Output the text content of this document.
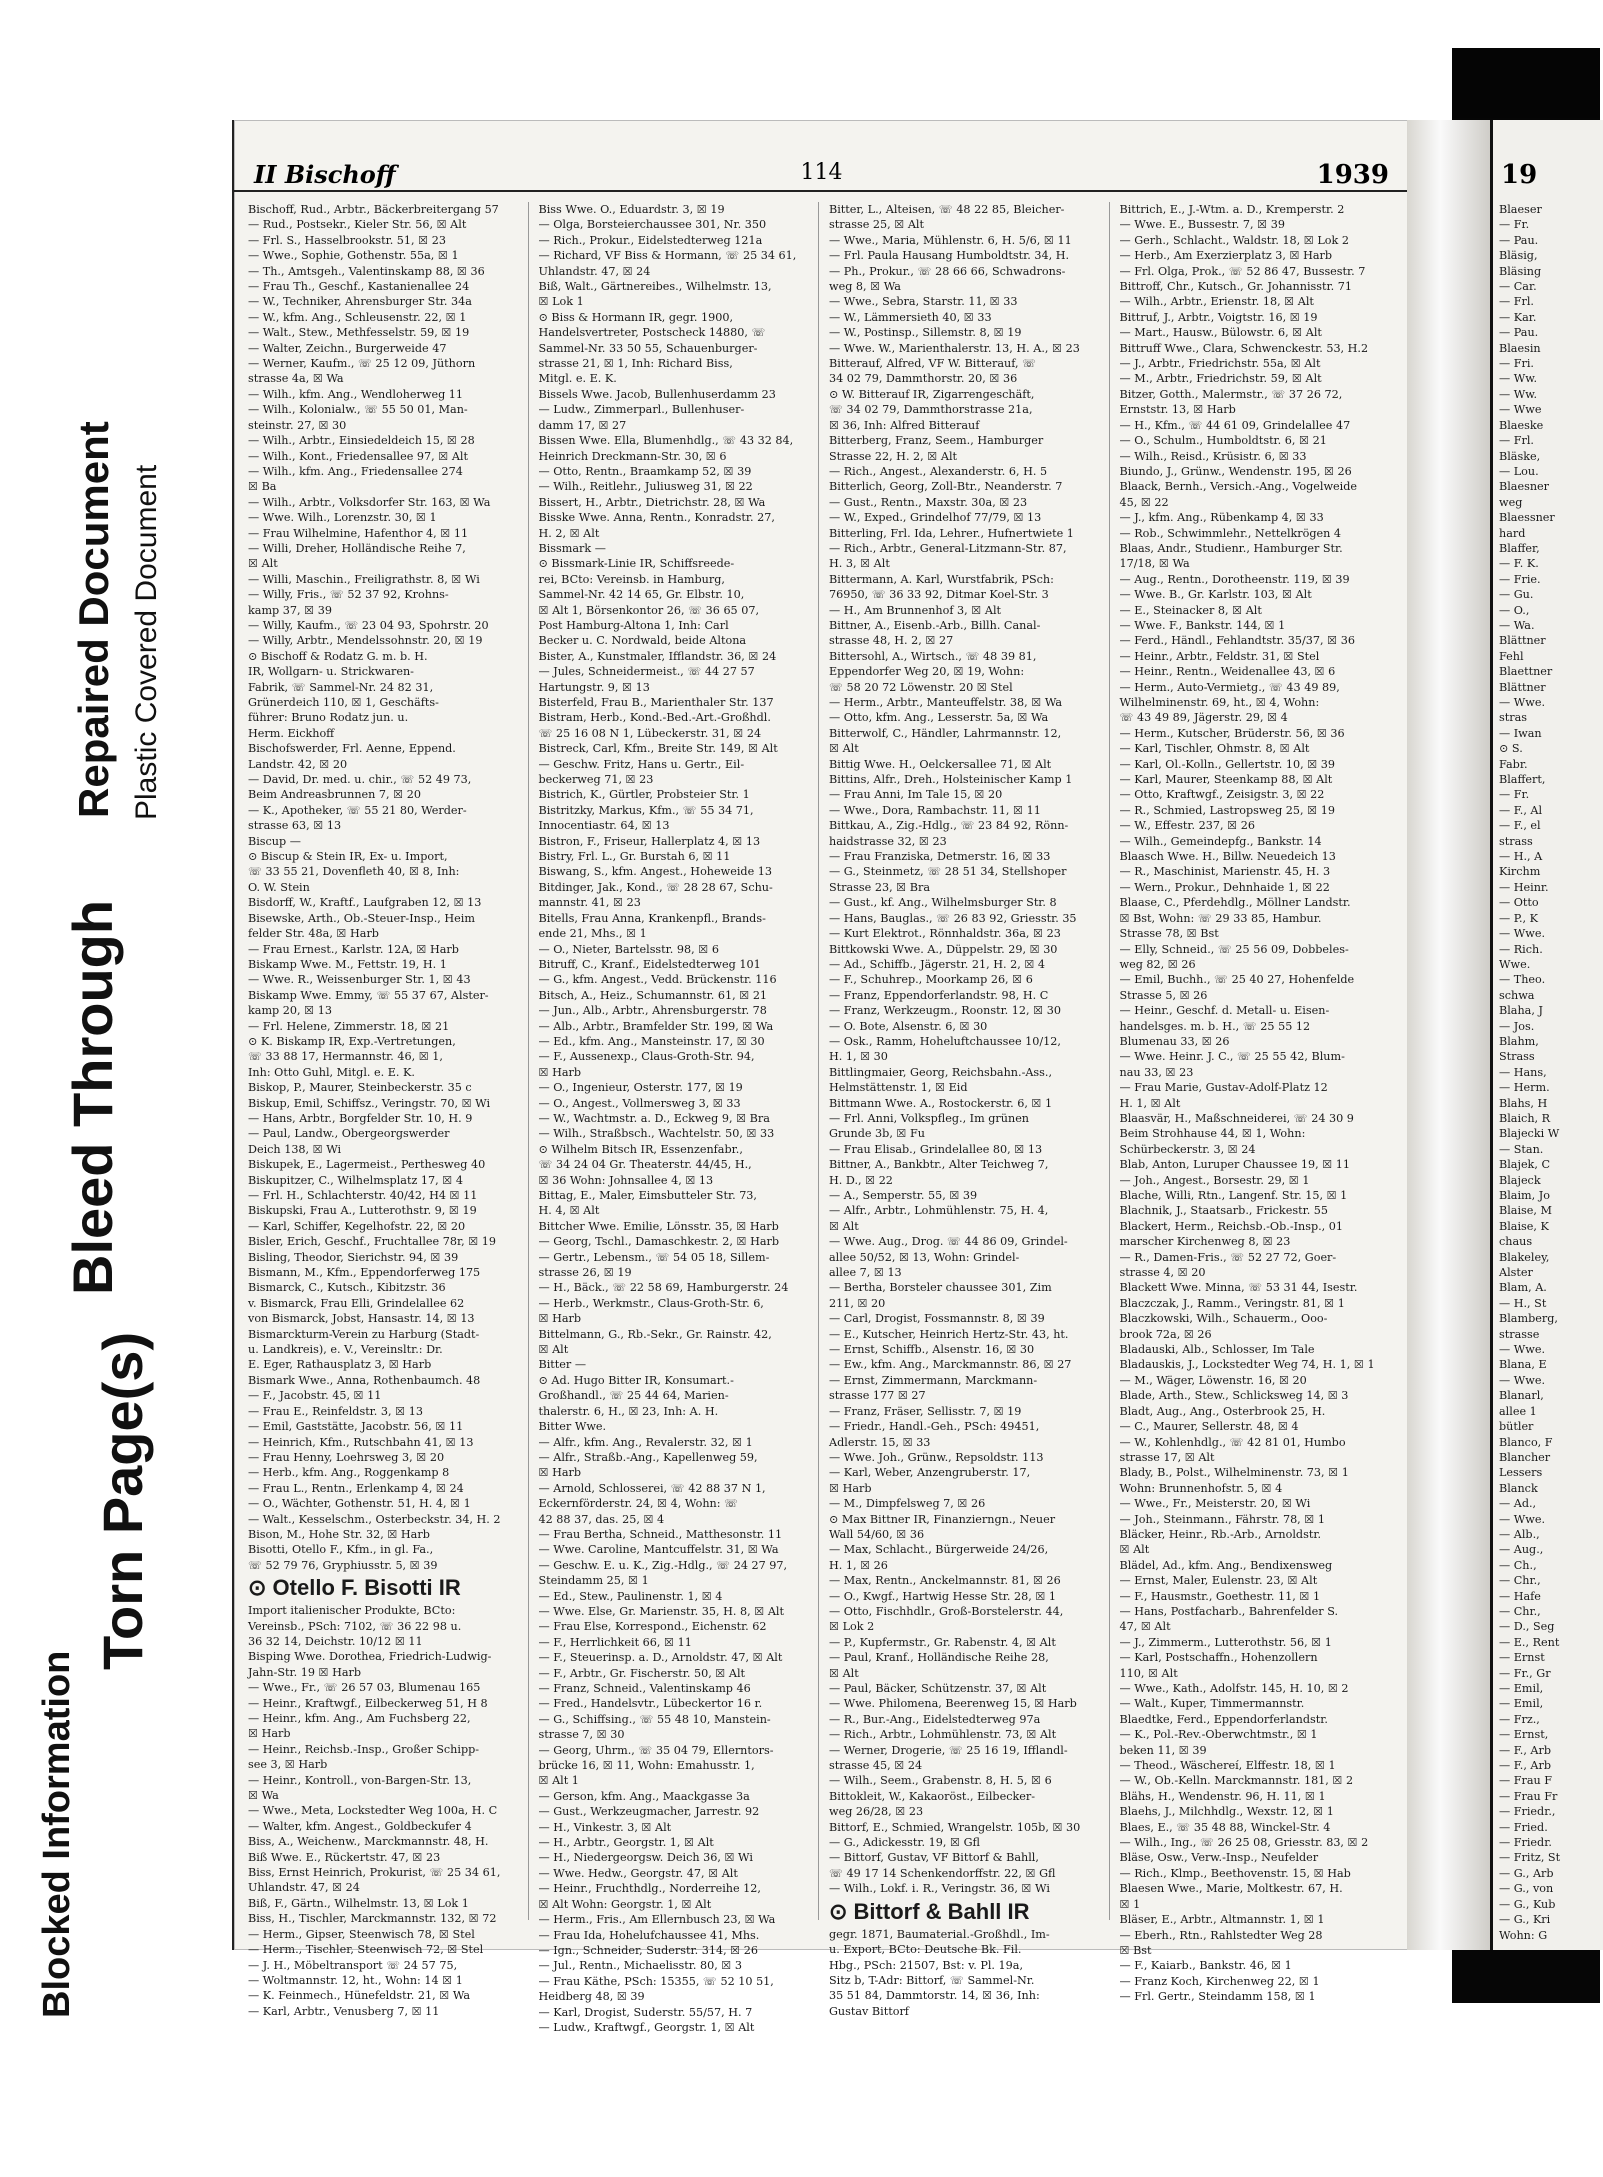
Blocked Information
Torn Page(s)
Bleed Through
Repaired Document Plastic Covered Document
II Bischoff	114	1939
Bischoff, Rud., Arbtr., Bäckerbreitergang 57
— Rud., Postsekr., Kieler Str. 56, ☒ Alt
— Frl. S., Hasselbrookstr. 51, ☒ 23
— Wwe., Sophie, Gothenstr. 55a, ☒ 1
— Th., Amtsgeh., Valentinskamp 88, ☒ 36
— Frau Th., Geschf., Kastanienallee 24
— W., Techniker, Ahrensburger Str. 34a
— W., kfm. Ang., Schleusenstr. 22, ☒ 1
— Walt., Stew., Methfesselstr. 59, ☒ 19
— Walter, Zeichn., Burgerweide 47
— Werner, Kaufm., ☏ 25 12 09, Jüthorn
strasse 4a, ☒ Wa
— Wilh., kfm. Ang., Wendloherweg 11
— Wilh., Kolonialw., ☏ 55 50 01, Man-
steinstr. 27, ☒ 30
— Wilh., Arbtr., Einsiedeldeich 15, ☒ 28
— Wilh., Kont., Friedensallee 97, ☒ Alt
— Wilh., kfm. Ang., Friedensallee 274
☒ Ba
— Wilh., Arbtr., Volksdorfer Str. 163, ☒ Wa
— Wwe. Wilh., Lorenzstr. 30, ☒ 1
— Frau Wilhelmine, Hafenthor 4, ☒ 11
— Willi, Dreher, Holländische Reihe 7,
☒ Alt
— Willi, Maschin., Freiligrathstr. 8, ☒ Wi
— Willy, Fris., ☏ 52 37 92, Krohns-
kamp 37, ☒ 39
— Willy, Kaufm., ☏ 23 04 93, Spohrstr. 20
— Willy, Arbtr., Mendelssohnstr. 20, ☒ 19
⊙ Bischoff & Rodatz G. m. b. H.
IR, Wollgarn- u. Strickwaren-
Fabrik, ☏ Sammel-Nr. 24 82 31,
Grünerdeich 110, ☒ 1, Geschäfts-
führer: Bruno Rodatz jun. u.
Herm. Eickhoff
Bischofswerder, Frl. Aenne, Eppend.
Landstr. 42, ☒ 20
— David, Dr. med. u. chir., ☏ 52 49 73,
Beim Andreasbrunnen 7, ☒ 20
— K., Apotheker, ☏ 55 21 80, Werder-
strasse 63, ☒ 13
Biscup —
⊙ Biscup & Stein IR, Ex- u. Import,
☏ 33 55 21, Dovenfleth 40, ☒ 8, Inh:
O. W. Stein
Bisdorff, W., Kraftf., Laufgraben 12, ☒ 13
Bisewske, Arth., Ob.-Steuer-Insp., Heim
felder Str. 48a, ☒ Harb
— Frau Ernest., Karlstr. 12A, ☒ Harb
Biskamp Wwe. M., Fettstr. 19, H. 1
— Wwe. R., Weissenburger Str. 1, ☒ 43
Biskamp Wwe. Emmy, ☏ 55 37 67, Alster-
kamp 20, ☒ 13
— Frl. Helene, Zimmerstr. 18, ☒ 21
⊙ K. Biskamp IR, Exp.-Vertretungen,
☏ 33 88 17, Hermannstr. 46, ☒ 1,
Inh: Otto Guhl, Mitgl. e. E. K.
Biskop, P., Maurer, Steinbeckerstr. 35 c
Biskup, Emil, Schiffsz., Veringstr. 70, ☒ Wi
— Hans, Arbtr., Borgfelder Str. 10, H. 9
— Paul, Landw., Obergeorgswerder
Deich 138, ☒ Wi
Biskupek, E., Lagermeist., Perthesweg 40
Biskupitzer, C., Wilhelmsplatz 17, ☒ 4
— Frl. H., Schlachterstr. 40/42, H4 ☒ 11
Biskupski, Frau A., Lutterothstr. 9, ☒ 19
— Karl, Schiffer, Kegelhofstr. 22, ☒ 20
Bisler, Erich, Geschf., Fruchtallee 78r, ☒ 19
Bisling, Theodor, Sierichstr. 94, ☒ 39
Bismann, M., Kfm., Eppendorferweg 175
Bismarck, C., Kutsch., Kibitzstr. 36
v. Bismarck, Frau Elli, Grindelallee 62
von Bismarck, Jobst, Hansastr. 14, ☒ 13
Bismarckturm-Verein zu Harburg (Stadt-
u. Landkreis), e. V., Vereinsltr.: Dr.
E. Eger, Rathausplatz 3, ☒ Harb
Bismark Wwe., Anna, Rothenbaumch. 48
— F., Jacobstr. 45, ☒ 11
— Frau E., Reinfeldstr. 3, ☒ 13
— Emil, Gaststätte, Jacobstr. 56, ☒ 11
— Heinrich, Kfm., Rutschbahn 41, ☒ 13
— Frau Henny, Loehrsweg 3, ☒ 20
— Herb., kfm. Ang., Roggenkamp 8
— Frau L., Rentn., Erlenkamp 4, ☒ 24
— O., Wächter, Gothenstr. 51, H. 4, ☒ 1
— Walt., Kesselschm., Osterbeckstr. 34, H. 2
Bison, M., Hohe Str. 32, ☒ Harb
Bisotti, Otello F., Kfm., in gl. Fa.,
☏ 52 79 76, Gryphiusstr. 5, ☒ 39
⊙ Otello F. Bisotti IR
Import italienischer Produkte, BCto:
Vereinsb., PSch: 7102, ☏ 36 22 98 u.
36 32 14, Deichstr. 10/12 ☒ 11
Bisping Wwe. Dorothea, Friedrich-Ludwig-
Jahn-Str. 19 ☒ Harb
— Wwe., Fr., ☏ 26 57 03, Blumenau 165
— Heinr., Kraftwgf., Eilbeckerweg 51, H 8
— Heinr., kfm. Ang., Am Fuchsberg 22,
☒ Harb
— Heinr., Reichsb.-Insp., Großer Schipp-
see 3, ☒ Harb
— Heinr., Kontroll., von-Bargen-Str. 13,
☒ Wa
— Wwe., Meta, Lockstedter Weg 100a, H. C
— Walter, kfm. Angest., Goldbeckufer 4
Biss, A., Weichenw., Marckmannstr. 48, H.
Biß Wwe. E., Rückertstr. 47, ☒ 23
Biss, Ernst Heinrich, Prokurist, ☏ 25 34 61,
Uhlandstr. 47, ☒ 24
Biß, F., Gärtn., Wilhelmstr. 13, ☒ Lok 1
Biss, H., Tischler, Marckmannstr. 132, ☒ 72
— Herm., Gipser, Steenwisch 78, ☒ Stel
— Herm., Tischler, Steenwisch 72, ☒ Stel
— J. H., Möbeltransport ☏ 24 57 75,
— Woltmannstr. 12, ht., Wohn: 14 ☒ 1
— K. Feinmech., Hünefeldstr. 21, ☒ Wa
— Karl, Arbtr., Venusberg 7, ☒ 11
Biss Wwe. O., Eduardstr. 3, ☒ 19
— Olga, Borsteierchaussee 301, Nr. 350
— Rich., Prokur., Eidelstedterweg 121a
— Richard, ⅤF Biss & Hormann, ☏ 25 34 61,
Uhlandstr. 47, ☒ 24
Biß, Walt., Gärtnereibes., Wilhelmstr. 13,
☒ Lok 1
⊙ Biss & Hormann IR, gegr. 1900,
Handelsvertreter, Postscheck 14880, ☏
Sammel-Nr. 33 50 55, Schauenburger-
strasse 21, ☒ 1, Inh: Richard Biss,
Mitgl. e. E. K.
Bissels Wwe. Jacob, Bullenhuserdamm 23
— Ludw., Zimmerparl., Bullenhuser-
damm 17, ☒ 27
Bissen Wwe. Ella, Blumenhdlg., ☏ 43 32 84,
Heinrich Dreckmann-Str. 30, ☒ 6
— Otto, Rentn., Braamkamp 52, ☒ 39
— Wilh., Reitlehr., Juliusweg 31, ☒ 22
Bissert, H., Arbtr., Dietrichstr. 28, ☒ Wa
Bisske Wwe. Anna, Rentn., Konradstr. 27,
H. 2, ☒ Alt
Bissmark —
⊙ Bissmark-Linie IR, Schiffsreede-
rei, BCto: Vereinsb. in Hamburg,
Sammel-Nr. 42 14 65, Gr. Elbstr. 10,
☒ Alt 1, Börsenkontor 26, ☏ 36 65 07,
Post Hamburg-Altona 1, Inh: Carl
Becker u. C. Nordwald, beide Altona
Bister, A., Kunstmaler, Ifflandstr. 36, ☒ 24
— Jules, Schneidermeist., ☏ 44 27 57
Hartungstr. 9, ☒ 13
Bisterfeld, Frau B., Marienthaler Str. 137
Bistram, Herb., Kond.-Bed.-Art.-Großhdl.
☏ 25 16 08 N 1, Lübeckerstr. 31, ☒ 24
Bistreck, Carl, Kfm., Breite Str. 149, ☒ Alt
— Geschw. Fritz, Hans u. Gertr., Eil-
beckerweg 71, ☒ 23
Bistrich, K., Gürtler, Probsteier Str. 1
Bistritzky, Markus, Kfm., ☏ 55 34 71,
Innocentiastr. 64, ☒ 13
Bistron, F., Friseur, Hallerplatz 4, ☒ 13
Bistry, Frl. L., Gr. Burstah 6, ☒ 11
Biswang, S., kfm. Angest., Hoheweide 13
Bitdinger, Jak., Kond., ☏ 28 28 67, Schu-
mannstr. 41, ☒ 23
Bitells, Frau Anna, Krankenpfl., Brands-
ende 21, Mhs., ☒ 1
— O., Nieter, Bartelsstr. 98, ☒ 6
Bitruff, C., Kranf., Eidelstedterweg 101
— G., kfm. Angest., Vedd. Brückenstr. 116
Bitsch, A., Heiz., Schumannstr. 61, ☒ 21
— Jun., Alb., Arbtr., Ahrensburgerstr. 78
— Alb., Arbtr., Bramfelder Str. 199, ☒ Wa
— Ed., kfm. Ang., Mansteinstr. 17, ☒ 30
— F., Aussenexp., Claus-Groth-Str. 94,
☒ Harb
— O., Ingenieur, Osterstr. 177, ☒ 19
— O., Angest., Vollmersweg 3, ☒ 33
— W., Wachtmstr. a. D., Eckweg 9, ☒ Bra
— Wilh., Straßbsch., Wachtelstr. 50, ☒ 33
⊙ Wilhelm Bitsch IR, Essenzenfabr.,
☏ 34 24 04 Gr. Theaterstr. 44/45, H.,
☒ 36 Wohn: Johnsallee 4, ☒ 13
Bittag, E., Maler, Eimsbutteler Str. 73,
H. 4, ☒ Alt
Bittcher Wwe. Emilie, Lönsstr. 35, ☒ Harb
— Georg, Tschl., Damaschkestr. 2, ☒ Harb
— Gertr., Lebensm., ☏ 54 05 18, Sillem-
strasse 26, ☒ 19
— H., Bäck., ☏ 22 58 69, Hamburgerstr. 24
— Herb., Werkmstr., Claus-Groth-Str. 6,
☒ Harb
Bittelmann, G., Rb.-Sekr., Gr. Rainstr. 42,
☒ Alt
Bitter —
⊙ Ad. Hugo Bitter IR, Konsumart.-
Großhandl., ☏ 25 44 64, Marien-
thalerstr. 6, H., ☒ 23, Inh: A. H.
Bitter Wwe.
— Alfr., kfm. Ang., Revalerstr. 32, ☒ 1
— Alfr., Straßb.-Ang., Kapellenweg 59,
☒ Harb
— Arnold, Schlosserei, ☏ 42 88 37 N 1,
Eckernförderstr. 24, ☒ 4, Wohn: ☏
42 88 37, das. 25, ☒ 4
— Frau Bertha, Schneid., Matthesonstr. 11
— Wwe. Caroline, Mantcuffelstr. 31, ☒ Wa
— Geschw. E. u. K., Zig.-Hdlg., ☏ 24 27 97,
Steindamm 25, ☒ 1
— Ed., Stew., Paulinenstr. 1, ☒ 4
— Wwe. Else, Gr. Marienstr. 35, H. 8, ☒ Alt
— Frau Else, Korrespond., Eichenstr. 62
— F., Herrlichkeit 66, ☒ 11
— F., Steuerinsp. a. D., Arnoldstr. 47, ☒ Alt
— F., Arbtr., Gr. Fischerstr. 50, ☒ Alt
— Franz, Schneid., Valentinskamp 46
— Fred., Handelsvtr., Lübeckertor 16 r.
— G., Schiffsing., ☏ 55 48 10, Manstein-
strasse 7, ☒ 30
— Georg, Uhrm., ☏ 35 04 79, Ellerntors-
brücke 16, ☒ 11, Wohn: Emahusstr. 1,
☒ Alt 1
— Gerson, kfm. Ang., Maackgasse 3a
— Gust., Werkzeugmacher, Jarrestr. 92
— H., Vinkestr. 3, ☒ Alt
— H., Arbtr., Georgstr. 1, ☒ Alt
— H., Niedergeorgsw. Deich 36, ☒ Wi
— Wwe. Hedw., Georgstr. 47, ☒ Alt
— Heinr., Fruchthdlg., Norderreihe 12,
☒ Alt Wohn: Georgstr. 1, ☒ Alt
— Herm., Fris., Am Ellernbusch 23, ☒ Wa
— Frau Ida, Hohelufchaussee 41, Mhs.
— Ign., Schneider, Suderstr. 314, ☒ 26
— Jul., Rentn., Michaelisstr. 80, ☒ 3
— Frau Käthe, PSch: 15355, ☏ 52 10 51,
Heidberg 48, ☒ 39
— Karl, Drogist, Suderstr. 55/57, H. 7
— Ludw., Kraftwgf., Georgstr. 1, ☒ Alt
Bitter, L., Alteisen, ☏ 48 22 85, Bleicher-
strasse 25, ☒ Alt
— Wwe., Maria, Mühlenstr. 6, H. 5/6, ☒ 11
— Frl. Paula Hausang Humboldtstr. 34, H.
— Ph., Prokur., ☏ 28 66 66, Schwadrons-
weg 8, ☒ Wa
— Wwe., Sebra, Starstr. 11, ☒ 33
— W., Lämmersieth 40, ☒ 33
— W., Postinsp., Sillemstr. 8, ☒ 19
— Wwe. W., Marienthalerstr. 13, H. A., ☒ 23
Bitterauf, Alfred, ⅤF W. Bitterauf, ☏
34 02 79, Dammthorstr. 20, ☒ 36
⊙ W. Bitterauf IR, Zigarrengeschäft,
☏ 34 02 79, Dammthorstrasse 21a,
☒ 36, Inh: Alfred Bitterauf
Bitterberg, Franz, Seem., Hamburger
Strasse 22, H. 2, ☒ Alt
— Rich., Angest., Alexanderstr. 6, H. 5
Bitterlich, Georg, Zoll-Btr., Neanderstr. 7
— Gust., Rentn., Maxstr. 30a, ☒ 23
— W., Exped., Grindelhof 77/79, ☒ 13
Bitterling, Frl. Ida, Lehrer., Hufnertwiete 1
— Rich., Arbtr., General-Litzmann-Str. 87,
H. 3, ☒ Alt
Bittermann, A. Karl, Wurstfabrik, PSch:
76950, ☏ 36 33 92, Ditmar Koel-Str. 3
— H., Am Brunnenhof 3, ☒ Alt
Bittner, A., Eisenb.-Arb., Billh. Canal-
strasse 48, H. 2, ☒ 27
Bittersohl, A., Wirtsch., ☏ 48 39 81,
Eppendorfer Weg 20, ☒ 19, Wohn:
☏ 58 20 72 Löwenstr. 20 ☒ Stel
— Herm., Arbtr., Manteuffelstr. 38, ☒ Wa
— Otto, kfm. Ang., Lesserstr. 5a, ☒ Wa
Bitterwolf, C., Händler, Lahrmannstr. 12,
☒ Alt
Bittig Wwe. H., Oelckersallee 71, ☒ Alt
Bittins, Alfr., Dreh., Holsteinischer Kamp 1
— Frau Anni, Im Tale 15, ☒ 20
— Wwe., Dora, Rambachstr. 11, ☒ 11
Bittkau, A., Zig.-Hdlg., ☏ 23 84 92, Rönn-
haidstrasse 32, ☒ 23
— Frau Franziska, Detmerstr. 16, ☒ 33
— G., Steinmetz, ☏ 28 51 34, Stellshoper
Strasse 23, ☒ Bra
— Gust., kf. Ang., Wilhelmsburger Str. 8
— Hans, Bauglas., ☏ 26 83 92, Griesstr. 35
— Kurt Elektrot., Rönnhaldstr. 36a, ☒ 23
Bittkowski Wwe. A., Düppelstr. 29, ☒ 30
— Ad., Schiffb., Jägerstr. 21, H. 2, ☒ 4
— F., Schuhrep., Moorkamp 26, ☒ 6
— Franz, Eppendorferlandstr. 98, H. C
— Franz, Werkzeugm., Roonstr. 12, ☒ 30
— O. Bote, Alsenstr. 6, ☒ 30
— Osk., Ramm, Hoheluftchaussee 10/12,
H. 1, ☒ 30
Bittlingmaier, Georg, Reichsbahn.-Ass.,
Helmstättenstr. 1, ☒ Eid
Bittmann Wwe. A., Rostockerstr. 6, ☒ 1
— Frl. Anni, Volkspfleg., Im grünen
Grunde 3b, ☒ Fu
— Frau Elisab., Grindelallee 80, ☒ 13
Bittner, A., Bankbtr., Alter Teichweg 7,
H. D., ☒ 22
— A., Semperstr. 55, ☒ 39
— Alfr., Arbtr., Lohmühlenstr. 75, H. 4,
☒ Alt
— Wwe. Aug., Drog. ☏ 44 86 09, Grindel-
allee 50/52, ☒ 13, Wohn: Grindel-
allee 7, ☒ 13
— Bertha, Borsteler chaussee 301, Zim
211, ☒ 20
— Carl, Drogist, Fossmannstr. 8, ☒ 39
— E., Kutscher, Heinrich Hertz-Str. 43, ht.
— Ernst, Schiffb., Alsenstr. 16, ☒ 30
— Ew., kfm. Ang., Marckmannstr. 86, ☒ 27
— Ernst, Zimmermann, Marckmann-
strasse 177 ☒ 27
— Franz, Fräser, Sellisstr. 7, ☒ 19
— Friedr., Handl.-Geh., PSch: 49451,
Adlerstr. 15, ☒ 33
— Wwe. Joh., Grünw., Repsoldstr. 113
— Karl, Weber, Anzengruberstr. 17,
☒ Harb
— M., Dimpfelsweg 7, ☒ 26
⊙ Max Bittner IR, Finanzierngn., Neuer
Wall 54/60, ☒ 36
— Max, Schlacht., Bürgerweide 24/26,
H. 1, ☒ 26
— Max, Rentn., Anckelmannstr. 81, ☒ 26
— O., Kwgf., Hartwig Hesse Str. 28, ☒ 1
— Otto, Fischhdlr., Groß-Borstelerstr. 44,
☒ Lok 2
— P., Kupfermstr., Gr. Rabenstr. 4, ☒ Alt
— Paul, Kranf., Holländische Reihe 28,
☒ Alt
— Paul, Bäcker, Schützenstr. 37, ☒ Alt
— Wwe. Philomena, Beerenweg 15, ☒ Harb
— R., Bur.-Ang., Eidelstedterweg 97a
— Rich., Arbtr., Lohmühlenstr. 73, ☒ Alt
— Werner, Drogerie, ☏ 25 16 19, Ifflandl-
strasse 45, ☒ 24
— Wilh., Seem., Grabenstr. 8, H. 5, ☒ 6
Bittokleit, W., Kakaoröst., Eilbecker-
weg 26/28, ☒ 23
Bittorf, E., Schmied, Wrangelstr. 105b, ☒ 30
— G., Adickesstr. 19, ☒ Gfl
— Bittorf, Gustav, ⅤF Bittorf & Bahll,
☏ 49 17 14 Schenkendorffstr. 22, ☒ Gfl
— Wilh., Lokf. i. R., Veringstr. 36, ☒ Wi
⊙ Bittorf & Bahll IR
gegr. 1871, Baumaterial.-Großhdl., Im-
u. Export, BCto: Deutsche Bk. Fil.
Hbg., PSch: 21507, Bst: v. Pl. 19a,
Sitz b, T-Adr: Bittorf, ☏ Sammel-Nr.
35 51 84, Dammtorstr. 14, ☒ 36, Inh:
Gustav Bittorf
Bittrich, E., J.-Wtm. a. D., Kremperstr. 2
— Wwe. E., Bussestr. 7, ☒ 39
— Gerh., Schlacht., Waldstr. 18, ☒ Lok 2
— Herb., Am Exerzierplatz 3, ☒ Harb
— Frl. Olga, Prok., ☏ 52 86 47, Bussestr. 7
Bittroff, Chr., Kutsch., Gr. Johannisstr. 71
— Wilh., Arbtr., Erienstr. 18, ☒ Alt
Bittruf, J., Arbtr., Voigtstr. 16, ☒ 19
— Mart., Hausw., Bülowstr. 6, ☒ Alt
Bittruff Wwe., Clara, Schwenckestr. 53, H.2
— J., Arbtr., Friedrichstr. 55a, ☒ Alt
— M., Arbtr., Friedrichstr. 59, ☒ Alt
Bitzer, Gotth., Malermstr., ☏ 37 26 72,
Ernststr. 13, ☒ Harb
— H., Kfm., ☏ 44 61 09, Grindelallee 47
— O., Schulm., Humboldtstr. 6, ☒ 21
— Wilh., Reisd., Krüsistr. 6, ☒ 33
Biundo, J., Grünw., Wendenstr. 195, ☒ 26
Blaack, Bernh., Versich.-Ang., Vogelweide
45, ☒ 22
— J., kfm. Ang., Rübenkamp 4, ☒ 33
— Rob., Schwimmlehr., Nettelkrögen 4
Blaas, Andr., Studienr., Hamburger Str.
17/18, ☒ Wa
— Aug., Rentn., Dorotheenstr. 119, ☒ 39
— Wwe. B., Gr. Karlstr. 103, ☒ Alt
— E., Steinacker 8, ☒ Alt
— Wwe. F., Bankstr. 144, ☒ 1
— Ferd., Händl., Fehlandtstr. 35/37, ☒ 36
— Heinr., Arbtr., Feldstr. 31, ☒ Stel
— Heinr., Rentn., Weidenallee 43, ☒ 6
— Herm., Auto-Vermietg., ☏ 43 49 89,
Wilhelminenstr. 69, ht., ☒ 4, Wohn:
☏ 43 49 89, Jägerstr. 29, ☒ 4
— Herm., Kutscher, Brüderstr. 56, ☒ 36
— Karl, Tischler, Ohmstr. 8, ☒ Alt
— Karl, Ol.-Kolln., Gellertstr. 10, ☒ 39
— Karl, Maurer, Steenkamp 88, ☒ Alt
— Otto, Kraftwgf., Zeisigstr. 3, ☒ 22
— R., Schmied, Lastropsweg 25, ☒ 19
— W., Effestr. 237, ☒ 26
— Wilh., Gemeindepfg., Bankstr. 14
Blaasch Wwe. H., Billw. Neuedeich 13
— R., Maschinist, Marienstr. 45, H. 3
— Wern., Prokur., Dehnhaide 1, ☒ 22
Blaase, C., Pferdehdlg., Möllner Landstr.
☒ Bst, Wohn: ☏ 29 33 85, Hambur.
Strasse 78, ☒ Bst
— Elly, Schneid., ☏ 25 56 09, Dobbeles-
weg 82, ☒ 26
— Emil, Buchh., ☏ 25 40 27, Hohenfelde
Strasse 5, ☒ 26
— Heinr., Geschf. d. Metall- u. Eisen-
handelsges. m. b. H., ☏ 25 55 12
Blumenau 33, ☒ 26
— Wwe. Heinr. J. C., ☏ 25 55 42, Blum-
nau 33, ☒ 23
— Frau Marie, Gustav-Adolf-Platz 12
H. 1, ☒ Alt
Blaasvär, H., Maßschneiderei, ☏ 24 30 9
Beim Strohhause 44, ☒ 1, Wohn:
Schürbeckerstr. 3, ☒ 24
Blab, Anton, Luruper Chaussee 19, ☒ 11
— Joh., Angest., Borsestr. 29, ☒ 1
Blache, Willi, Rtn., Langenf. Str. 15, ☒ 1
Blachnik, J., Staatsarb., Frickestr. 55
Blackert, Herm., Reichsb.-Ob.-Insp., 01
marscher Kirchenweg 8, ☒ 23
— R., Damen-Fris., ☏ 52 27 72, Goer-
strasse 4, ☒ 20
Blackett Wwe. Minna, ☏ 53 31 44, Isestr.
Blaczczak, J., Ramm., Veringstr. 81, ☒ 1
Blaczkowski, Wilh., Schauerm., Ooo-
brook 72a, ☒ 26
Bladauski, Alb., Schlosser, Im Tale
Bladauskis, J., Lockstedter Weg 74, H. 1, ☒ 1
— M., Wäger, Löwenstr. 16, ☒ 20
Blade, Arth., Stew., Schlicksweg 14, ☒ 3
Bladt, Aug., Ang., Osterbrook 25, H.
— C., Maurer, Sellerstr. 48, ☒ 4
— W., Kohlenhdlg., ☏ 42 81 01, Humbo
strasse 17, ☒ Alt
Blady, B., Polst., Wilhelminenstr. 73, ☒ 1
Wohn: Brunnenhofstr. 5, ☒ 4
— Wwe., Fr., Meisterstr. 20, ☒ Wi
— Joh., Steinmann., Fährstr. 78, ☒ 1
Bläcker, Heinr., Rb.-Arb., Arnoldstr.
☒ Alt
Blädel, Ad., kfm. Ang., Bendixensweg
— Ernst, Maler, Eulenstr. 23, ☒ Alt
— F., Hausmstr., Goethestr. 11, ☒ 1
— Hans, Postfacharb., Bahrenfelder S.
47, ☒ Alt
— J., Zimmerm., Lutterothstr. 56, ☒ 1
— Karl, Postschaffn., Hohenzollern
110, ☒ Alt
— Wwe., Kath., Adolfstr. 145, H. 10, ☒ 2
— Walt., Kuper, Timmermannstr.
Blaedtke, Ferd., Eppendorferlandstr.
— K., Pol.-Rev.-Oberwchtmstr., ☒ 1
beken 11, ☒ 39
— Theod., Wäschereí, Elffestr. 18, ☒ 1
— W., Ob.-Kelln. Marckmannstr. 181, ☒ 2
Blähs, H., Wendenstr. 96, H. 11, ☒ 1
Blaehs, J., Milchhdlg., Wexstr. 12, ☒ 1
Blaes, E., ☏ 35 48 88, Winckel-Str. 4
— Wilh., Ing., ☏ 26 25 08, Griesstr. 83, ☒ 2
Bläse, Osw., Verw.-Insp., Neufelder
— Rich., Klmp., Beethovenstr. 15, ☒ Hab
Blaesen Wwe., Marie, Moltkestr. 67, H.
☒ 1
Bläser, E., Arbtr., Altmannstr. 1, ☒ 1
— Eberh., Rtn., Rahlstedter Weg 28
☒ Bst
— F., Kaiarb., Bankstr. 46, ☒ 1
— Franz Koch, Kirchenweg 22, ☒ 1
— Frl. Gertr., Steindamm 158, ☒ 1
19
Blaeser
— Fr.
— Pau.
Bläsig,
Bläsing
— Car.
— Frl.
— Kar.
— Pau.
Blaesin
— Fri.
— Ww.
— Ww.
— Wwe
Blaeske
— Frl.
Bläske,
— Lou.
Blaesner
weg
Blaessner
hard
Blaffer,
— F. K.
— Frie.
— Gu.
— O.,
— Wa.
Blättner
Fehl
Blaettner
Blättner
— Wwe.
stras
— Iwan
⊙ S.
Fabr.
Blaffert,
— Fr.
— F., Al
— F., el
strass
— H., A
Kirchm
— Heinr.
— Otto
— P., K
— Wwe.
— Rich.
Wwe.
— Theo.
schwa
Blaha, J
— Jos.
Blahm,
Strass
— Hans,
— Herm.
Blahs, H
Blaich, R
Blajecki W
— Stan.
Blajek, C
Blajeck
Blaim, Jo
Blaise, M
Blaise, K
chaus
Blakeley,
Alster
Blam, A.
— H., St
Blamberg,
strasse
— Wwe.
Blana, E
— Wwe.
Blanarl,
allee 1
bütler
Blanco, F
Blancher
Lessers
Blanck
— Ad.,
— Wwe.
— Alb.,
— Aug.,
— Ch.,
— Chr.,
— Hafe
— Chr.,
— D., Seg
— E., Rent
— Ernst
— Fr., Gr
— Emil,
— Emil,
— Frz.,
— Ernst,
— F., Arb
— F., Arb
— Frau F
— Frau Fr
— Friedr.,
— Fried.
— Friedr.
— Fritz, St
— G., Arb
— G., von
— G., Kub
— G., Kri
Wohn: G
